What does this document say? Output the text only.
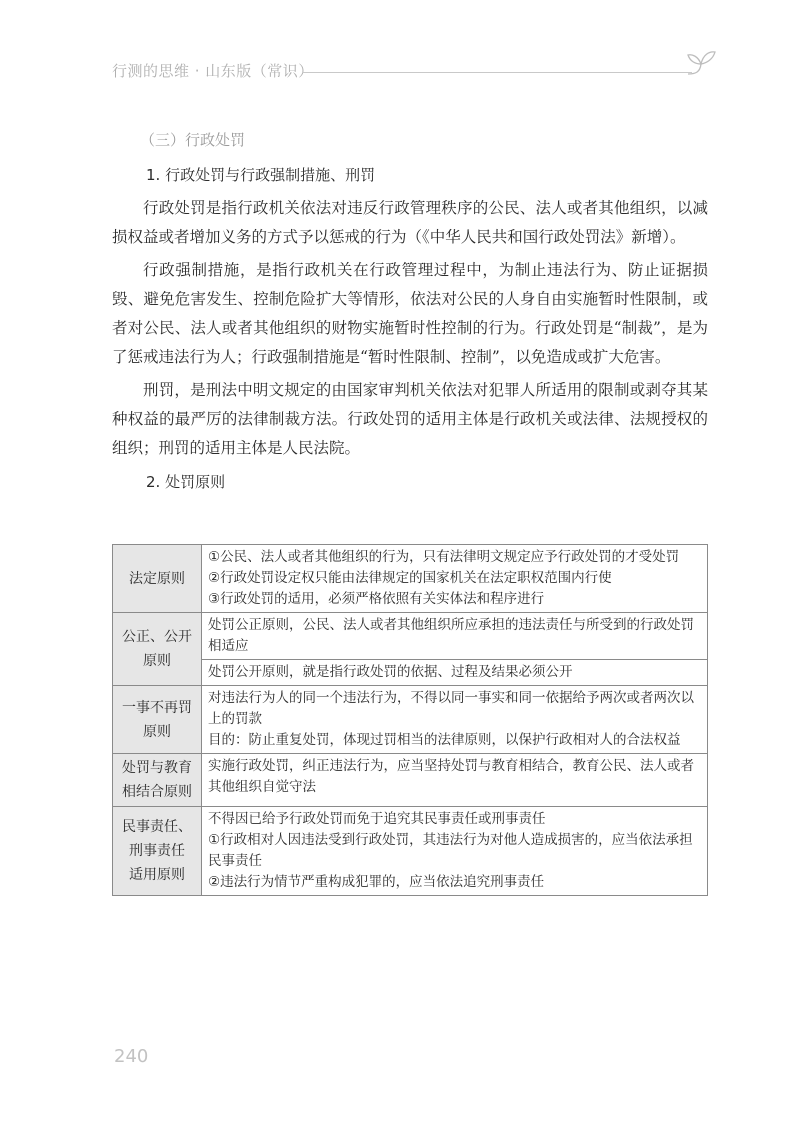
行测的思维 · 山东版（常识）
（三）行政处罚
1. 行政处罚与行政强制措施、刑罚

行政处罚是指行政机关依法对违反行政管理秩序的公民、法人或者其他组织，以减损权益或者增加义务的方式予以惩戒的行为（《中华人民共和国行政处罚法》新增）。

行政强制措施，是指行政机关在行政管理过程中，为制止违法行为、防止证据损毁、避免危害发生、控制危险扩大等情形，依法对公民的人身自由实施暂时性限制，或者对公民、法人或者其他组织的财物实施暂时性控制的行为。行政处罚是“制裁”，是为了惩戒违法行为人；行政强制措施是“暂时性限制、控制”，以免造成或扩大危害。

刑罚，是刑法中明文规定的由国家审判机关依法对犯罪人所适用的限制或剥夺其某种权益的最严厉的法律制裁方法。行政处罚的适用主体是行政机关或法律、法规授权的组织；刑罚的适用主体是人民法院。

2. 处罚原则
法定原则	①公民、法人或者其他组织的行为，只有法律明文规定应予行政处罚的才受处罚
②行政处罚设定权只能由法律规定的国家机关在法定职权范围内行使
③行政处罚的适用，必须严格依照有关实体法和程序进行

公正、公开
原则	处罚公正原则，公民、法人或者其他组织所应承担的违法责任与所受到的行政处罚相适应

	处罚公开原则，就是指行政处罚的依据、过程及结果必须公开

一事不再罚
原则	对违法行为人的同一个违法行为，不得以同一事实和同一依据给予两次或者两次以上的罚款
目的：防止重复处罚，体现过罚相当的法律原则，以保护行政相对人的合法权益

处罚与教育
相结合原则	实施行政处罚，纠正违法行为，应当坚持处罚与教育相结合，教育公民、法人或者其他组织自觉守法

民事责任、
刑事责任
适用原则	不得因已给予行政处罚而免于追究其民事责任或刑事责任
①行政相对人因违法受到行政处罚，其违法行为对他人造成损害的，应当依法承担民事责任
②违法行为情节严重构成犯罪的，应当依法追究刑事责任
240
